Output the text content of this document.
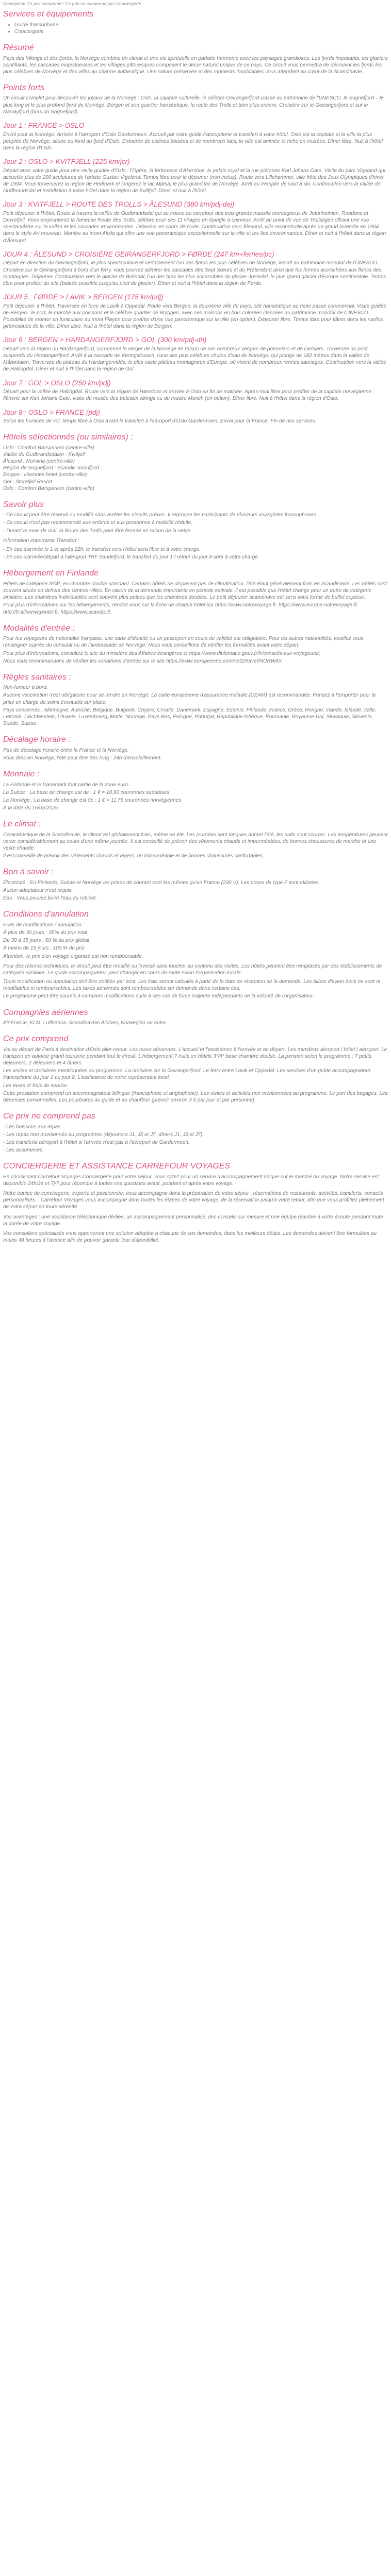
Description Ce prix comprend / Ce prix ne comprend pas Conciergerie

Services et équipements
• Guide francophone
• Conciergerie
Résumé

Pays des Vikings et des fjords, la Norvège combine un climat et une vie spirituelle en parfaite harmonie avec les paysages grandioses. Les fjords imposants, les glaciers scintillants, les cascades majestueuses et les villages pittoresques composent le décor naturel unique de ce pays. Ce circuit vous permettra de découvrir les fjords les plus célèbres de Norvège et des villes au charme authentique. Une nature préservée et des moments inoubliables vous attendent au cœur de la Scandinavie.

Points forts

Un circuit complet pour découvrir les joyaux de la Norvège : Oslo, la capitale culturelle, le célèbre Geirangerfjord classé au patrimoine de l'UNESCO, le Sognefjord – le plus long et le plus profond fjord de Norvège, Bergen et son quartier hanséatique, la route des Trolls et bien plus encore. Croisière sur le Geirangerfjord et sur le Nærøyfjord (bras du Sognefjord).

Jour 1 : FRANCE > OSLO

Envol pour la Norvège. Arrivée à l'aéroport d'Oslo Gardermoen. Accueil par votre guide francophone et transfert à votre hôtel. Oslo est la capitale et la ville la plus peuplée de Norvège, située au fond du fjord d'Oslo. Entourée de collines boisées et de nombreux lacs, la ville est animée et riche en musées. Dîner libre. Nuit à l'hôtel dans la région d'Oslo.

Jour 2 : OSLO > KVITFJELL (225 km/jcr)

Départ avec votre guide pour une visite guidée d'Oslo : l'Opéra, la forteresse d'Akershus, le palais royal et la rue piétonne Karl Johans Gate. Visite du parc Vigeland qui accueille plus de 200 sculptures de l'artiste Gustav Vigeland. Temps libre pour le déjeuner (non inclus). Route vers Lillehammer, ville hôte des Jeux Olympiques d'hiver de 1994. Vous traverserez la région de Hedmark et longerez le lac Mjøsa, le plus grand lac de Norvège. Arrêt au tremplin de saut à ski. Continuation vers la vallée de Gudbrandsdal et installation à votre hôtel dans la région de Kvitfjell. Dîner et nuit à l'hôtel.

Jour 3 : KVITFJELL > ROUTE DES TROLLS > ÅLESUND (380 km/pdj-dej)

Petit déjeuner à l'hôtel. Route à travers la vallée de Gudbrandsdal qui se trouve au carrefour des trois grands massifs montagneux de Jotunheimen, Rondane et Dovrefjell. Vous emprunterez la fameuse Route des Trolls, célèbre pour ses 11 virages en épingle à cheveux. Arrêt au point de vue de Trollstigen offrant une vue spectaculaire sur la vallée et les cascades environnantes. Déjeuner en cours de route. Continuation vers Ålesund, ville reconstruite après un grand incendie en 1904 dans le style Art nouveau. Montée au mont Aksla qui offre une vue panoramique exceptionnelle sur la ville et les îles environnantes. Dîner et nuit à l'hôtel dans la région d'Ålesund.

JOUR 4 : ÅLESUND > CROISIÈRE GEIRANGERFJORD > FØRDE (247 km+ferries/pc)

Départ en direction du Geirangerfjord, le plus spectaculaire et certainement l'un des fjords les plus célèbres de Norvège, inscrit au patrimoine mondial de l'UNESCO. Croisière sur le Geirangerfjord à bord d'un ferry, vous pourrez admirer les cascades des Sept Sœurs et du Prétendant ainsi que les fermes accrochées aux flancs des montagnes. Déjeuner. Continuation vers le glacier de Briksdal, l'un des bras les plus accessibles du glacier Jostedal, le plus grand glacier d'Europe continentale. Temps libre pour profiter du site (balade possible jusqu'au pied du glacier). Dîner et nuit à l'hôtel dans la région de Førde.

JOUR 5 : FØRDE > LAVIK > BERGEN (175 km/pdj)

Petit déjeuner à l'hôtel. Traversée en ferry de Lavik à Oppedal. Route vers Bergen, la deuxième ville du pays, cité hanséatique au riche passé commercial. Visite guidée de Bergen : le port, le marché aux poissons et le célèbre quartier de Bryggen, avec ses maisons en bois colorées classées au patrimoine mondial de l'UNESCO. Possibilité de monter en funiculaire au mont Fløyen pour profiter d'une vue panoramique sur la ville (en option). Déjeuner libre. Temps libre pour flâner dans les ruelles pittoresques de la ville. Dîner libre. Nuit à l'hôtel dans la région de Bergen.

Jour 6 : BERGEN > HARDANGERFJORD > GOL (300 km/pdj-dn)

Départ vers la région du Hardangerfjord, surnommé le verger de la Norvège en raison de ses nombreux vergers de pommiers et de cerisiers. Traversée du pont suspendu du Hardangerfjord. Arrêt à la cascade de Vøringsfossen, l'une des plus célèbres chutes d'eau de Norvège, qui plonge de 182 mètres dans la vallée de Måbødalen. Traversée du plateau du Hardangervidda, le plus vaste plateau montagneux d'Europe, où vivent de nombreux rennes sauvages. Continuation vers la vallée de Hallingdal. Dîner et nuit à l'hôtel dans la région de Gol.

Jour 7 : GOL > OSLO (250 km/pdj)

Départ pour la vallée de Hallingdal. Route vers la région de Hønefoss et arrivée à Oslo en fin de matinée. Après-midi libre pour profiter de la capitale norvégienne : flânerie sur Karl Johans Gate, visite du musée des bateaux vikings ou du musée Munch (en option). Dîner libre. Nuit à l'hôtel dans la région d'Oslo.

Jour 8 : OSLO > FRANCE (pdj)

Selon les horaires de vol, temps libre à Oslo avant le transfert à l'aéroport d'Oslo Gardermoen. Envol pour la France. Fin de nos services.

Hôtels sélectionnés (ou similaires) :

Oslo : Comfort Børsparken (centre-ville)

Vallée du Gudbrandsdalen : Kvitfjell

Ålesund : Norrøna (centre-ville)

Région de Sognefjord : Scandic Sunnfjord

Bergen : Havnnes hotel (centre-ville)

Gol : Storefjell Resort

Oslo : Comfort Børsparken (centre-ville)

Savoir plus

- Ce circuit peut être réservé ou modifié sans arrêter les circuits prévus. Il regroupe les participants de plusieurs voyagistes francophones.

- Ce circuit n'est pas recommandé aux enfants et aux personnes à mobilité réduite.

- Durant le mois de mai, la Route des Trolls peut être fermée en raison de la neige.

Information importante Transfert :

- En cas d'arrivée le 1 er après 22h, le transfert vers l'hôtel sera libre et à votre charge.

- En cas d'arrivée/départ à l'aéroport TRF Sandefjord, le transfert du jour 1 / retour du jour 8 sera à votre charge.

Hébergement en Finlande

Hôtels de catégorie 3*/4*, en chambre double standard. Certains hôtels ne disposent pas de climatisation, l'été étant généralement frais en Scandinavie. Les hôtels sont souvent situés en dehors des centres-villes. En raison de la demande importante en période estivale, il est possible que l'hôtel change pour un autre de catégorie similaire. Les chambres individuelles sont souvent plus petites que les chambres doubles. Le petit déjeuner scandinave est servi sous forme de buffet copieux.

Pour plus d'informations sur les hébergements, rendez-vous sur la fiche de chaque hôtel sur https://www.notrevoyage.fr. https://www.europe-notrevoyage.fr. http://fr.allnorwayhotel.fr. https://www.scandic.fr.

Modalités d'entrée :

Pour les voyageurs de nationalité française, une carte d'identité ou un passeport en cours de validité est obligatoire. Pour les autres nationalités, veuillez vous renseigner auprès du consulat ou de l'ambassade de Norvège. Nous vous conseillons de vérifier les formalités avant votre départ.

Pour plus d'informations, consultez le site du ministère des Affaires étrangères et https://www.diplomatie.gouv.fr/fr/conseils-aux-voyageurs/.

Nous vous recommandons de vérifier les conditions d'entrée sur le site https://www.europeenne.com/vet2/travel/NORWAY.

Règles sanitaires :

Non-fumeur à bord.

Aucune vaccination n'est obligatoire pour se rendre en Norvège. La carte européenne d'assurance maladie (CEAM) est recommandée. Pensez à l'emporter pour la prise en charge de soins éventuels sur place.

Pays concernés : Allemagne, Autriche, Belgique, Bulgarie, Chypre, Croatie, Danemark, Espagne, Estonie, Finlande, France, Grèce, Hongrie, Irlande, Islande, Italie, Lettonie, Liechtenstein, Lituanie, Luxembourg, Malte, Norvège, Pays-Bas, Pologne, Portugal, République tchèque, Roumanie, Royaume-Uni, Slovaquie, Slovénie, Suède, Suisse.

Décalage horaire :

Pas de décalage horaire entre la France et la Norvège.

Vous êtes en Norvège, l'été peut être très long : 24h d'ensoleillement.

Monnaie :

La Finlande et le Danemark font partie de la zone euro.

La Suède : La base de change est de : 1 € = 10,90 couronnes suédoises

La Norvège : La base de change est de : 1 € = 11,76 couronnes norvégiennes

À la date du 16/05/2025

Le climat :

Caractéristique de la Scandinavie, le climat est globalement frais, même en été. Les journées sont longues durant l'été, les nuits sont courtes. Les températures peuvent varier considérablement au cours d'une même journée. Il est conseillé de prévoir des vêtements chauds et imperméables, de bonnes chaussures de marche et une veste chaude.

Il est conseillé de prévoir des vêtements chauds et légers, un imperméable et de bonnes chaussures confortables.

Bon à savoir :

Électricité : En Finlande, Suède et Norvège les prises de courant sont les mêmes qu'en France (230 V). Les prises de type F sont utilisées.

Aucun adaptateur n'est requis.

Eau : Vous pouvez boire l'eau du robinet.

Conditions d'annulation

Frais de modifications / annulation :

À plus de 30 jours : 35% du prix total

De 30 à 15 jours : 60 % du prix global

À moins de 15 jours : 100 % du prix

Attention, le prix d'un voyage organisé est non remboursable.

Pour des raisons techniques, le circuit peut être modifié ou inversé sans toucher au contenu des visites. Les hôtels peuvent être remplacés par des établissements de catégorie similaire. Le guide accompagnateur peut changer en cours de route selon l'organisation locale.

Toute modification ou annulation doit être notifiée par écrit. Les frais seront calculés à partir de la date de réception de la demande. Les billets d'avion émis ne sont ni modifiables ni remboursables. Les taxes aériennes sont remboursables sur demande dans certains cas.

Le programme peut être soumis à certaines modifications suite à des cas de force majeure indépendants de la volonté de l'organisateur.

Compagnies aériennes

Air France, KLM, Lufthansa, Scandinavian Airlines, Norwegian ou autre.

Ce prix comprend

Vol au départ de Paris à destination d'Oslo aller-retour. Les taxes aériennes. L'accueil et l'assistance à l'arrivée et au départ. Les transferts aéroport / hôtel / aéroport. Le transport en autocar grand tourisme pendant tout le circuit. L'hébergement 7 nuits en hôtels 3*/4* base chambre double. La pension selon le programme : 7 petits déjeuners, 2 déjeuners et 4 dîners.

Les visites et croisières mentionnées au programme. La croisière sur le Geirangerfjord. Le ferry entre Lavik et Oppedal. Les services d'un guide accompagnateur francophone du jour 1 au jour 8. L'assistance de notre représentant local.

Les taxes et frais de service.

Cette prestation comprend un accompagnateur bilingue (francophone et anglophone). Les visites et activités non mentionnées au programme. Le port des bagages. Les dépenses personnelles. Les pourboires au guide et au chauffeur (prévoir environ 3 € par jour et par personne).

Ce prix ne comprend pas

- Les boissons aux repas.

- Les repas non mentionnés au programme (déjeuners J1, J5 et J7, dîners J1, J5 et J7).

- Les transferts aéroport à l'hôtel si l'arrivée n'est pas à l'aéroport de Gardermoen.

- Les assurances.

CONCIERGERIE ET ASSISTANCE CARREFOUR VOYAGES

En choisissant Carrefour Voyages Conciergerie pour votre séjour, vous optez pour un service d'accompagnement unique sur le marché du voyage. Notre service est disponible 24h/24 et 7j/7 pour répondre à toutes vos questions avant, pendant et après votre voyage.

Notre équipe de conciergerie, experte et passionnée, vous accompagne dans la préparation de votre séjour : réservations de restaurants, activités, transferts, conseils personnalisés... Carrefour Voyages vous accompagne dans toutes les étapes de votre voyage, de la réservation jusqu'à votre retour, afin que vous profitiez pleinement de votre séjour en toute sérénité.

Vos avantages : une assistance téléphonique dédiée, un accompagnement personnalisé, des conseils sur mesure et une équipe réactive à votre écoute pendant toute la durée de votre voyage.

Vos conseillers spécialisés vous apporteront une solution adaptée à chacune de vos demandes, dans les meilleurs délais. Les demandes doivent être formulées au moins 48 heures à l'avance afin de pouvoir garantir leur disponibilité.
